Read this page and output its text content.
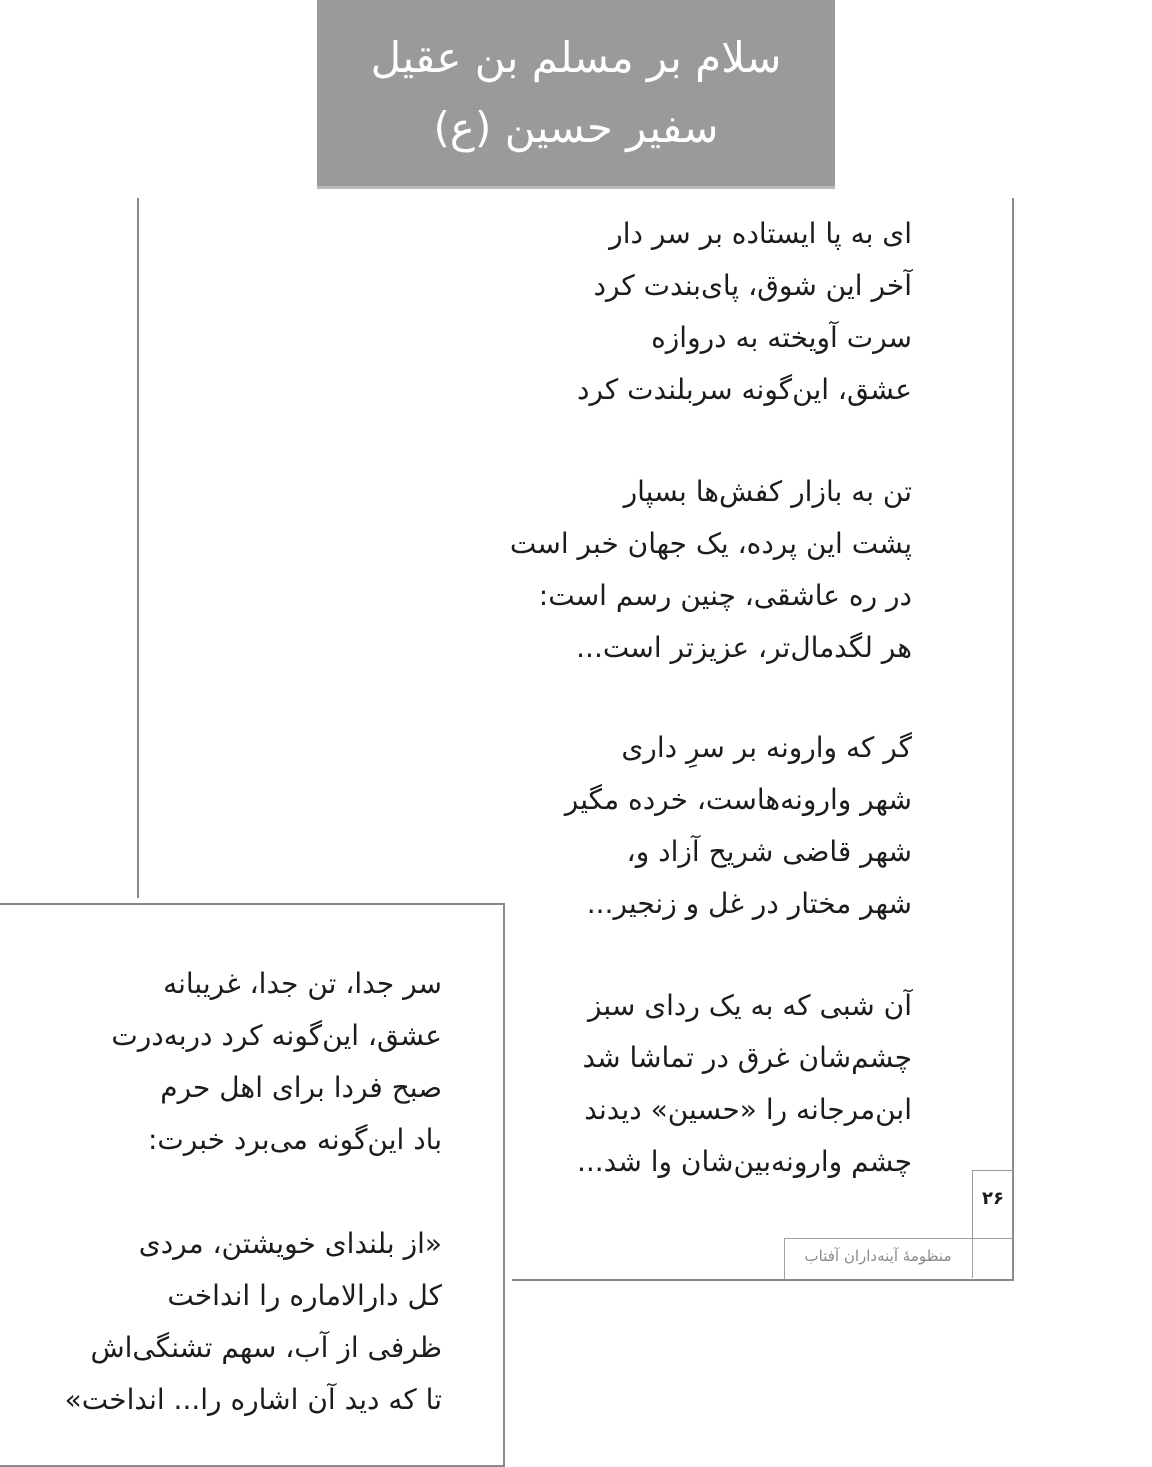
سلام بر مسلم بن عقیل
سفیر حسین (ع)
ای به پا ایستاده بر سر دار
آخر این شوق، پای‌بندت کرد
سرت آویخته به دروازه
عشق، این‌گونه سربلندت کرد
تن به بازار کفش‌ها بسپار
پشت این پرده، یک جهان خبر است
در ره عاشقی، چنین رسم است:
هر لگدمال‌تر، عزیزتر است...
گر که وارونه بر سرِ داری
شهر وارونه‌هاست، خرده مگیر
شهر قاضی شریح آزاد و،
شهر مختار در غل و زنجیر...
آن شبی که به یک ردای سبز
چشم‌شان غرق در تماشا شد
ابن‌مرجانه را «حسین» دیدند
چشم وارونه‌بین‌شان وا شد...
۲۶
منظومهٔ آینه‌داران آفتاب
سر جدا، تن جدا، غریبانه
عشق، این‌گونه کرد دربه‌درت
صبح فردا برای اهل حرم
باد این‌گونه می‌برد خبرت:
«از بلندای خویشتن، مردی
کل دارالاماره را انداخت
ظرفی از آب، سهم تشنگی‌اش
تا که دید آن اشاره را... انداخت»
